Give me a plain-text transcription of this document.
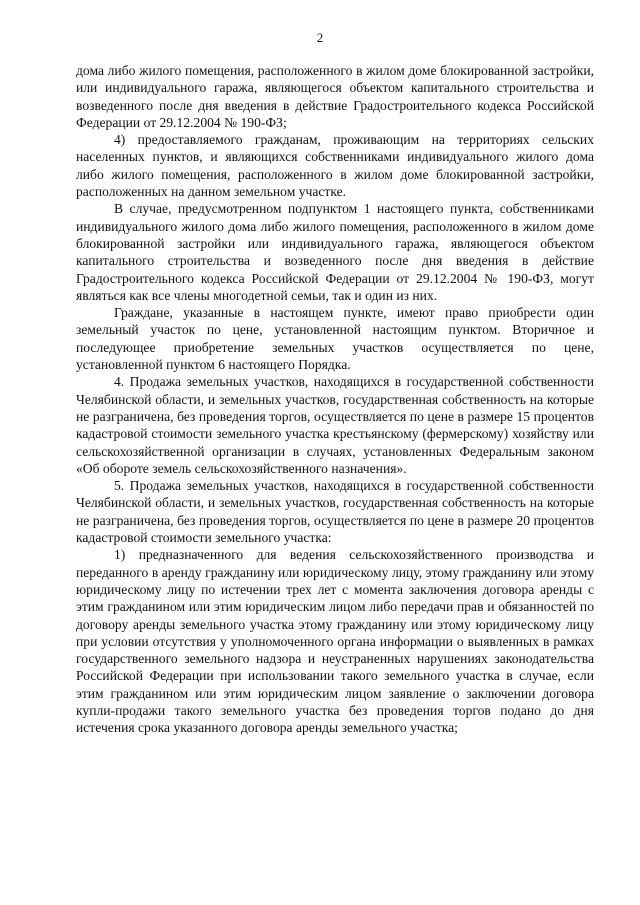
2

дома либо жилого помещения, расположенного в жилом доме блокированной застройки, или индивидуального гаража, являющегося объектом капитального строительства и возведенного после дня введения в действие Градостроительного кодекса Российской Федерации от 29.12.2004 № 190-ФЗ;

4) предоставляемого гражданам, проживающим на территориях сельских населенных пунктов, и являющихся собственниками индивидуального жилого дома либо жилого помещения, расположенного в жилом доме блокированной застройки, расположенных на данном земельном участке.

В случае, предусмотренном подпунктом 1 настоящего пункта, собственниками индивидуального жилого дома либо жилого помещения, расположенного в жилом доме блокированной застройки или индивидуального гаража, являющегося объектом капитального строительства и возведенного после дня введения в действие Градостроительного кодекса Российской Федерации от 29.12.2004 № 190-ФЗ, могут являться как все члены многодетной семьи, так и один из них.

Граждане, указанные в настоящем пункте, имеют право приобрести один земельный участок по цене, установленной настоящим пунктом. Вторичное и последующее приобретение земельных участков осуществляется по цене, установленной пунктом 6 настоящего Порядка.

4. Продажа земельных участков, находящихся в государственной собственности Челябинской области, и земельных участков, государственная собственность на которые не разграничена, без проведения торгов, осуществляется по цене в размере 15 процентов кадастровой стоимости земельного участка крестьянскому (фермерскому) хозяйству или сельскохозяйственной организации в случаях, установленных Федеральным законом «Об обороте земель сельскохозяйственного назначения».

5. Продажа земельных участков, находящихся в государственной собственности Челябинской области, и земельных участков, государственная собственность на которые не разграничена, без проведения торгов, осуществляется по цене в размере 20 процентов кадастровой стоимости земельного участка:

1) предназначенного для ведения сельскохозяйственного производства и переданного в аренду гражданину или юридическому лицу, этому гражданину или этому юридическому лицу по истечении трех лет с момента заключения договора аренды с этим гражданином или этим юридическим лицом либо передачи прав и обязанностей по договору аренды земельного участка этому гражданину или этому юридическому лицу при условии отсутствия у уполномоченного органа информации о выявленных в рамках государственного земельного надзора и неустраненных нарушениях законодательства Российской Федерации при использовании такого земельного участка в случае, если этим гражданином или этим юридическим лицом заявление о заключении договора купли-продажи такого земельного участка без проведения торгов подано до дня истечения срока указанного договора аренды земельного участка;
